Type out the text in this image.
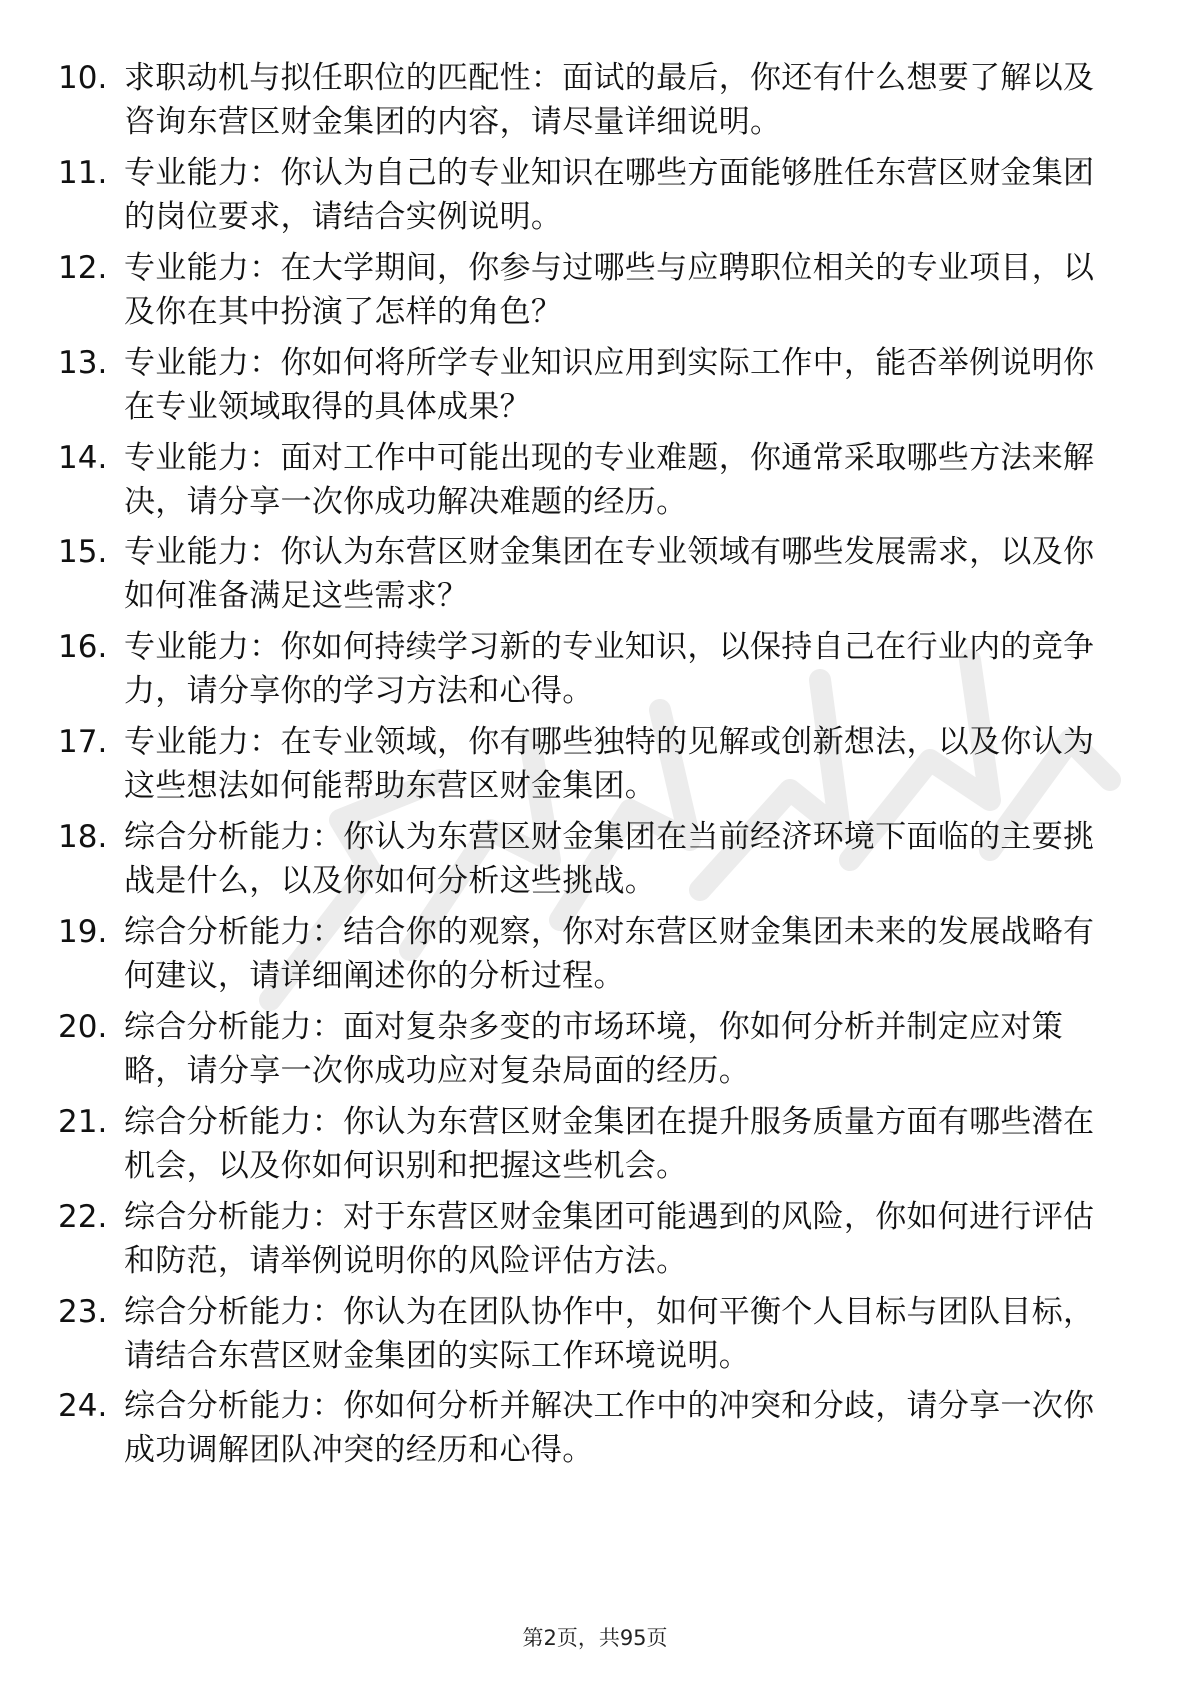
10. 求职动机与拟任职位的匹配性：面试的最后，你还有什么想要了解以及咨询东营区财金集团的内容，请尽量详细说明。
11. 专业能力：你认为自己的专业知识在哪些方面能够胜任东营区财金集团的岗位要求，请结合实例说明。
12. 专业能力：在大学期间，你参与过哪些与应聘职位相关的专业项目，以及你在其中扮演了怎样的角色？
13. 专业能力：你如何将所学专业知识应用到实际工作中，能否举例说明你在专业领域取得的具体成果？
14. 专业能力：面对工作中可能出现的专业难题，你通常采取哪些方法来解决，请分享一次你成功解决难题的经历。
15. 专业能力：你认为东营区财金集团在专业领域有哪些发展需求，以及你如何准备满足这些需求？
16. 专业能力：你如何持续学习新的专业知识，以保持自己在行业内的竞争力，请分享你的学习方法和心得。
17. 专业能力：在专业领域，你有哪些独特的见解或创新想法，以及你认为这些想法如何能帮助东营区财金集团。
18. 综合分析能力：你认为东营区财金集团在当前经济环境下面临的主要挑战是什么，以及你如何分析这些挑战。
19. 综合分析能力：结合你的观察，你对东营区财金集团未来的发展战略有何建议，请详细阐述你的分析过程。
20. 综合分析能力：面对复杂多变的市场环境，你如何分析并制定应对策略，请分享一次你成功应对复杂局面的经历。
21. 综合分析能力：你认为东营区财金集团在提升服务质量方面有哪些潜在机会，以及你如何识别和把握这些机会。
22. 综合分析能力：对于东营区财金集团可能遇到的风险，你如何进行评估和防范，请举例说明你的风险评估方法。
23. 综合分析能力：你认为在团队协作中，如何平衡个人目标与团队目标，请结合东营区财金集团的实际工作环境说明。
24. 综合分析能力：你如何分析并解决工作中的冲突和分歧，请分享一次你成功调解团队冲突的经历和心得。
第2页，共95页
